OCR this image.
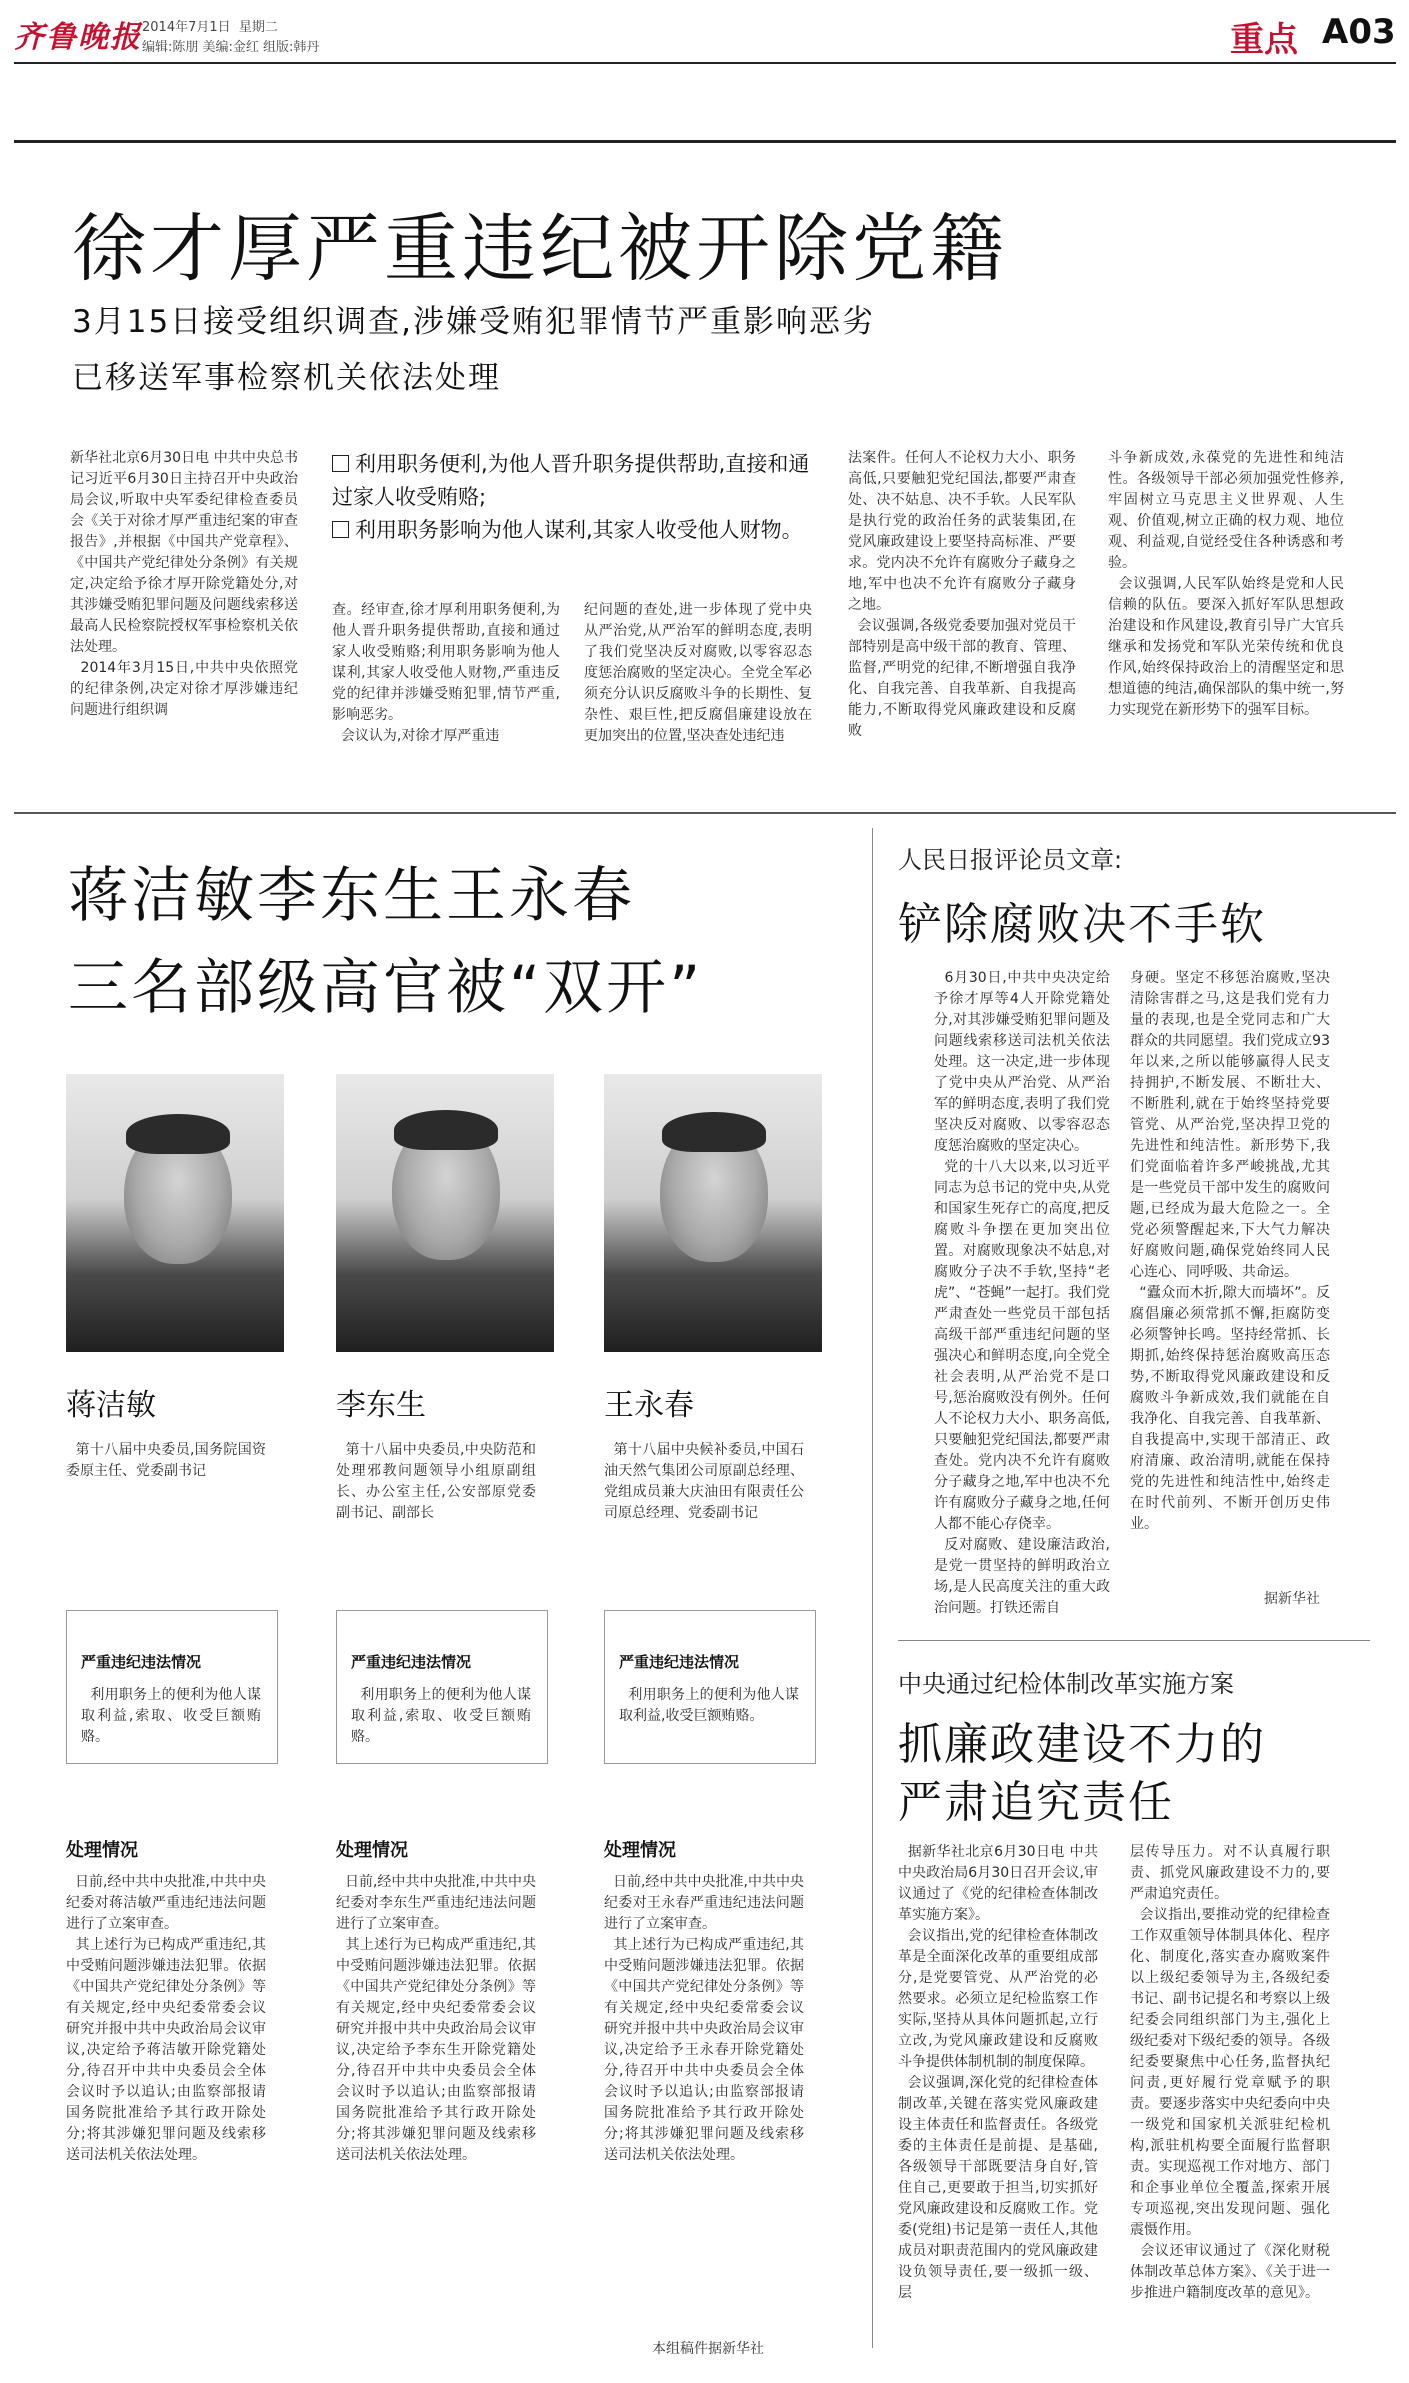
齐鲁晚报 2014年7月1日 星期二
编辑:陈朋 美编:金红 组版:韩丹	重点 A03
徐才厚严重违纪被开除党籍
3月15日接受组织调查,涉嫌受贿犯罪情节严重影响恶劣
已移送军事检察机关依法处理

新华社北京6月30日电 中共中央总书记习近平6月30日主持召开中央政治局会议,听取中央军委纪律检查委员会《关于对徐才厚严重违纪案的审查报告》,并根据《中国共产党章程》、《中国共产党纪律处分条例》有关规定,决定给予徐才厚开除党籍处分,对其涉嫌受贿犯罪问题及问题线索移送最高人民检察院授权军事检察机关依法处理。
2014年3月15日,中共中央依照党的纪律条例,决定对徐才厚涉嫌违纪问题进行组织调

利用职务便利,为他人晋升职务提供帮助,直接和通过家人收受贿赂;
利用职务影响为他人谋利,其家人收受他人财物。

查。经审查,徐才厚利用职务便利,为他人晋升职务提供帮助,直接和通过家人收受贿赂;利用职务影响为他人谋利,其家人收受他人财物,严重违反党的纪律并涉嫌受贿犯罪,情节严重,影响恶劣。
会议认为,对徐才厚严重违

纪问题的查处,进一步体现了党中央从严治党,从严治军的鲜明态度,表明了我们党坚决反对腐败,以零容忍态度惩治腐败的坚定决心。全党全军必须充分认识反腐败斗争的长期性、复杂性、艰巨性,把反腐倡廉建设放在更加突出的位置,坚决查处违纪违

法案件。任何人不论权力大小、职务高低,只要触犯党纪国法,都要严肃查处、决不姑息、决不手软。人民军队是执行党的政治任务的武装集团,在党风廉政建设上要坚持高标准、严要求。党内决不允许有腐败分子藏身之地,军中也决不允许有腐败分子藏身之地。
会议强调,各级党委要加强对党员干部特别是高中级干部的教育、管理、监督,严明党的纪律,不断增强自我净化、自我完善、自我革新、自我提高能力,不断取得党风廉政建设和反腐败

斗争新成效,永葆党的先进性和纯洁性。各级领导干部必须加强党性修养,牢固树立马克思主义世界观、人生观、价值观,树立正确的权力观、地位观、利益观,自觉经受住各种诱惑和考验。
会议强调,人民军队始终是党和人民信赖的队伍。要深入抓好军队思想政治建设和作风建设,教育引导广大官兵继承和发扬党和军队光荣传统和优良作风,始终保持政治上的清醒坚定和思想道德的纯洁,确保部队的集中统一,努力实现党在新形势下的强军目标。

蒋洁敏李东生王永春
三名部级高官被“双开”
蒋洁敏

第十八届中央委员,国务院国资委原主任、党委副书记

严重违纪违法情况

利用职务上的便利为他人谋取利益,索取、收受巨额贿赂。

处理情况

日前,经中共中央批准,中共中央纪委对蒋洁敏严重违纪违法问题进行了立案审查。
其上述行为已构成严重违纪,其中受贿问题涉嫌违法犯罪。依据《中国共产党纪律处分条例》等有关规定,经中央纪委常委会议研究并报中共中央政治局会议审议,决定给予蒋洁敏开除党籍处分,待召开中共中央委员会全体会议时予以追认;由监察部报请国务院批准给予其行政开除处分;将其涉嫌犯罪问题及线索移送司法机关依法处理。

李东生

第十八届中央委员,中央防范和处理邪教问题领导小组原副组长、办公室主任,公安部原党委副书记、副部长

严重违纪违法情况

利用职务上的便利为他人谋取利益,索取、收受巨额贿赂。

处理情况

日前,经中共中央批准,中共中央纪委对李东生严重违纪违法问题进行了立案审查。
其上述行为已构成严重违纪,其中受贿问题涉嫌违法犯罪。依据《中国共产党纪律处分条例》等有关规定,经中央纪委常委会议研究并报中共中央政治局会议审议,决定给予李东生开除党籍处分,待召开中共中央委员会全体会议时予以追认;由监察部报请国务院批准给予其行政开除处分;将其涉嫌犯罪问题及线索移送司法机关依法处理。

王永春

第十八届中央候补委员,中国石油天然气集团公司原副总经理、党组成员兼大庆油田有限责任公司原总经理、党委副书记

严重违纪违法情况

利用职务上的便利为他人谋取利益,收受巨额贿赂。

处理情况

日前,经中共中央批准,中共中央纪委对王永春严重违纪违法问题进行了立案审查。
其上述行为已构成严重违纪,其中受贿问题涉嫌违法犯罪。依据《中国共产党纪律处分条例》等有关规定,经中央纪委常委会议研究并报中共中央政治局会议审议,决定给予王永春开除党籍处分,待召开中共中央委员会全体会议时予以追认;由监察部报请国务院批准给予其行政开除处分;将其涉嫌犯罪问题及线索移送司法机关依法处理。

本组稿件据新华社
人民日报评论员文章:
铲除腐败决不手软

6月30日,中共中央决定给予徐才厚等4人开除党籍处分,对其涉嫌受贿犯罪问题及问题线索移送司法机关依法处理。这一决定,进一步体现了党中央从严治党、从严治军的鲜明态度,表明了我们党坚决反对腐败、以零容忍态度惩治腐败的坚定决心。
党的十八大以来,以习近平同志为总书记的党中央,从党和国家生死存亡的高度,把反腐败斗争摆在更加突出位置。对腐败现象决不姑息,对腐败分子决不手软,坚持“老虎”、“苍蝇”一起打。我们党严肃查处一些党员干部包括高级干部严重违纪问题的坚强决心和鲜明态度,向全党全社会表明,从严治党不是口号,惩治腐败没有例外。任何人不论权力大小、职务高低,只要触犯党纪国法,都要严肃查处。党内决不允许有腐败分子藏身之地,军中也决不允许有腐败分子藏身之地,任何人都不能心存侥幸。
反对腐败、建设廉洁政治,是党一贯坚持的鲜明政治立场,是人民高度关注的重大政治问题。打铁还需自

身硬。坚定不移惩治腐败,坚决清除害群之马,这是我们党有力量的表现,也是全党同志和广大群众的共同愿望。我们党成立93年以来,之所以能够赢得人民支持拥护,不断发展、不断壮大、不断胜利,就在于始终坚持党要管党、从严治党,坚决捍卫党的先进性和纯洁性。新形势下,我们党面临着许多严峻挑战,尤其是一些党员干部中发生的腐败问题,已经成为最大危险之一。全党必须警醒起来,下大气力解决好腐败问题,确保党始终同人民心连心、同呼吸、共命运。
“蠹众而木折,隙大而墙坏”。反腐倡廉必须常抓不懈,拒腐防变必须警钟长鸣。坚持经常抓、长期抓,始终保持惩治腐败高压态势,不断取得党风廉政建设和反腐败斗争新成效,我们就能在自我净化、自我完善、自我革新、自我提高中,实现干部清正、政府清廉、政治清明,就能在保持党的先进性和纯洁性中,始终走在时代前列、不断开创历史伟业。

据新华社
中央通过纪检体制改革实施方案
抓廉政建设不力的
严肃追究责任

据新华社北京6月30日电 中共中央政治局6月30日召开会议,审议通过了《党的纪律检查体制改革实施方案》。
会议指出,党的纪律检查体制改革是全面深化改革的重要组成部分,是党要管党、从严治党的必然要求。必须立足纪检监察工作实际,坚持从具体问题抓起,立行立改,为党风廉政建设和反腐败斗争提供体制机制的制度保障。
会议强调,深化党的纪律检查体制改革,关键在落实党风廉政建设主体责任和监督责任。各级党委的主体责任是前提、是基础,各级领导干部既要洁身自好,管住自己,更要敢于担当,切实抓好党风廉政建设和反腐败工作。党委(党组)书记是第一责任人,其他成员对职责范围内的党风廉政建设负领导责任,要一级抓一级、层

层传导压力。对不认真履行职责、抓党风廉政建设不力的,要严肃追究责任。
会议指出,要推动党的纪律检查工作双重领导体制具体化、程序化、制度化,落实查办腐败案件以上级纪委领导为主,各级纪委书记、副书记提名和考察以上级纪委会同组织部门为主,强化上级纪委对下级纪委的领导。各级纪委要聚焦中心任务,监督执纪问责,更好履行党章赋予的职责。要逐步落实中央纪委向中央一级党和国家机关派驻纪检机构,派驻机构要全面履行监督职责。实现巡视工作对地方、部门和企事业单位全覆盖,探索开展专项巡视,突出发现问题、强化震慑作用。
会议还审议通过了《深化财税体制改革总体方案》、《关于进一步推进户籍制度改革的意见》。
